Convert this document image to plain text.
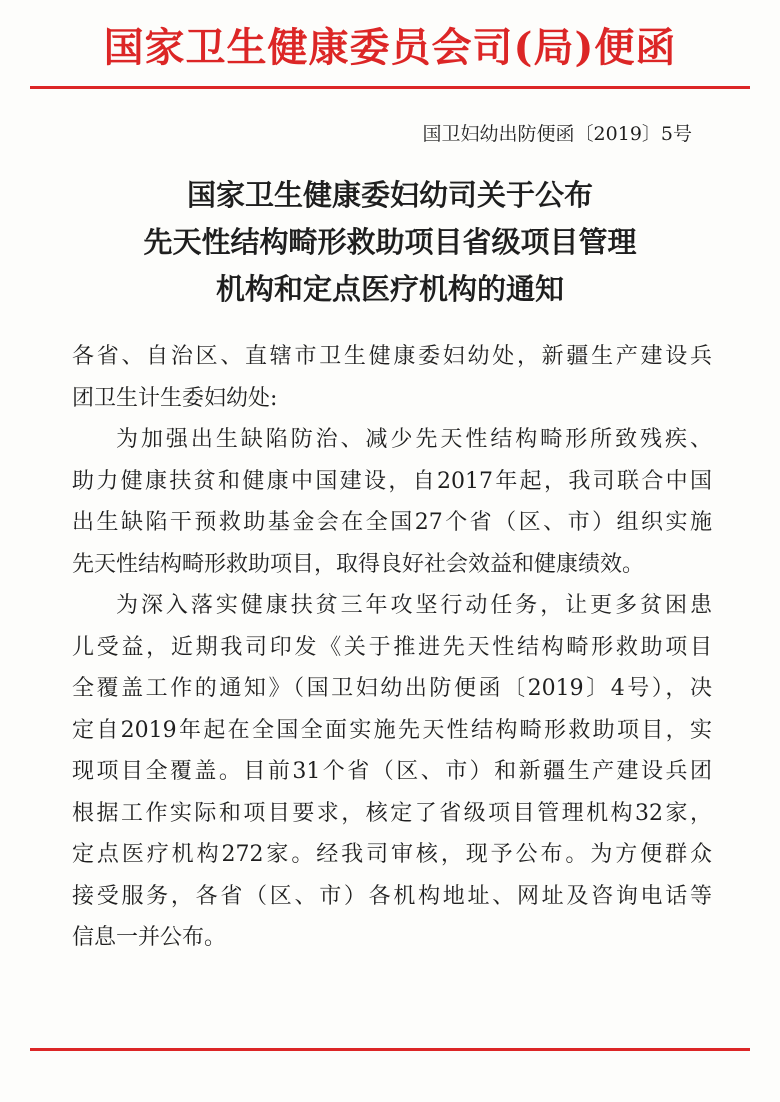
国家卫生健康委员会司(局)便函
国卫妇幼出防便函〔2019〕5号
国家卫生健康委妇幼司关于公布
先天性结构畸形救助项目省级项目管理
机构和定点医疗机构的通知
各省、自治区、直辖市卫生健康委妇幼处，新疆生产建设兵
团卫生计生委妇幼处:
为加强出生缺陷防治、减少先天性结构畸形所致残疾、
助力健康扶贫和健康中国建设，自2017年起，我司联合中国
出生缺陷干预救助基金会在全国27个省（区、市）组织实施
先天性结构畸形救助项目，取得良好社会效益和健康绩效。
为深入落实健康扶贫三年攻坚行动任务，让更多贫困患
儿受益，近期我司印发《关于推进先天性结构畸形救助项目
全覆盖工作的通知》（国卫妇幼出防便函〔2019〕4号），决
定自2019年起在全国全面实施先天性结构畸形救助项目，实
现项目全覆盖。目前31个省（区、市）和新疆生产建设兵团
根据工作实际和项目要求，核定了省级项目管理机构32家，
定点医疗机构272家。经我司审核，现予公布。为方便群众
接受服务，各省（区、市）各机构地址、网址及咨询电话等
信息一并公布。
